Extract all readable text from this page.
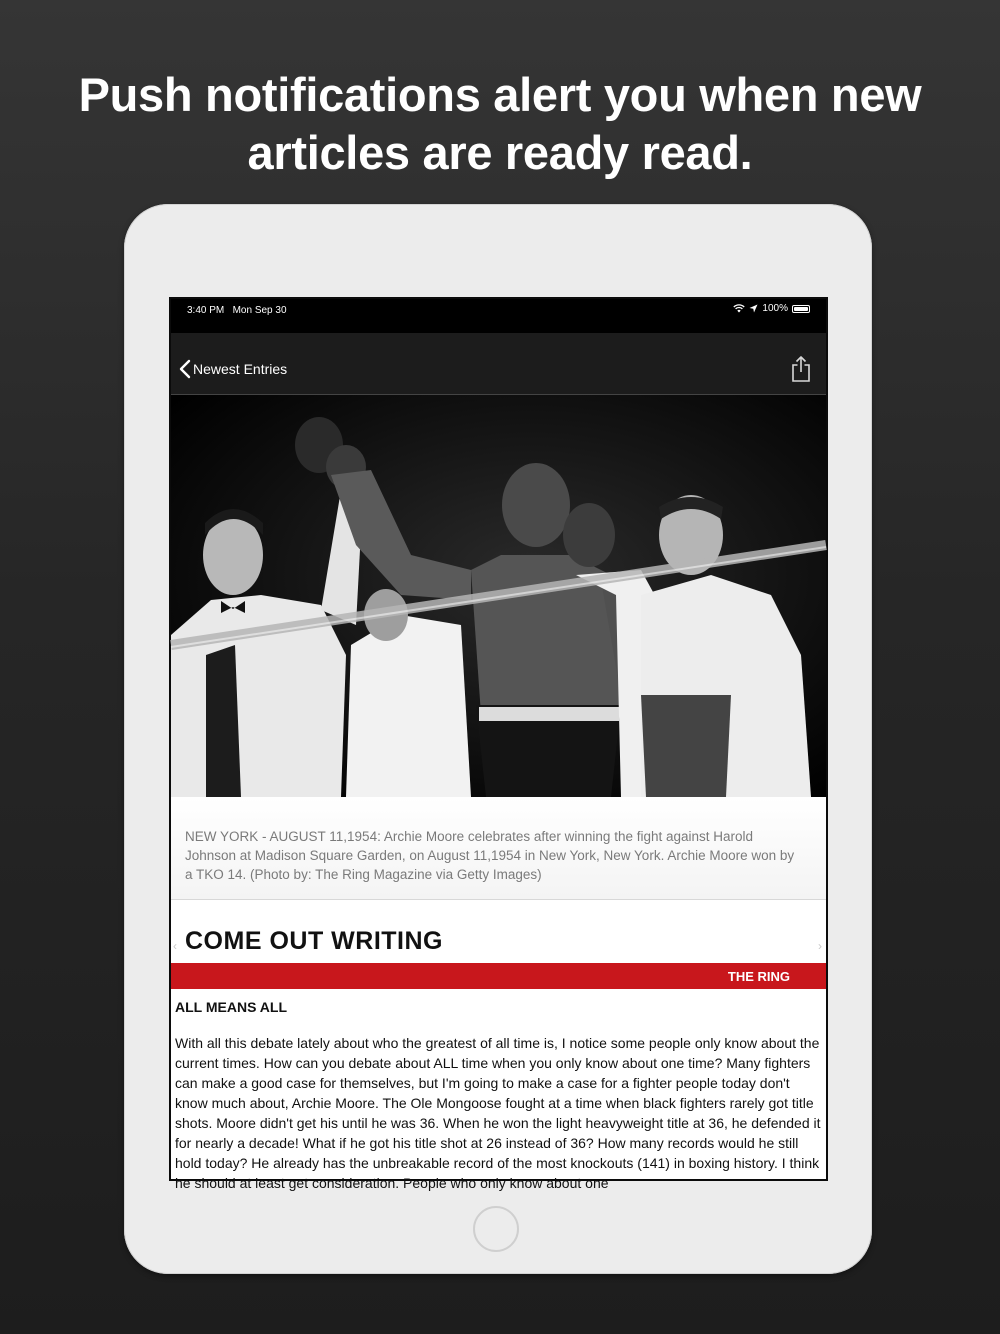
Push notifications alert you when new
articles are ready read.
3:40 PM Mon Sep 30	100%
Newest Entries
NEW YORK - AUGUST 11,1954: Archie Moore celebrates after winning the fight against Harold Johnson at Madison Square Garden, on August 11,1954 in New York, New York. Archie Moore won by a TKO 14. (Photo by: The Ring Magazine via Getty Images)
‹ COME OUT WRITING	›
THE RING
ALL MEANS ALL
With all this debate lately about who the greatest of all time is, I notice some people only know about the current times. How can you debate about ALL time when you only know about one time? Many fighters can make a good case for themselves, but I'm going to make a case for a fighter people today don't know much about, Archie Moore. The Ole Mongoose fought at a time when black fighters rarely got title shots. Moore didn't get his until he was 36. When he won the light heavyweight title at 36, he defended it for nearly a decade! What if he got his title shot at 26 instead of 36? How many records would he still hold today? He already has the unbreakable record of the most knockouts (141) in boxing history. I think he should at least get consideration. People who only know about one
